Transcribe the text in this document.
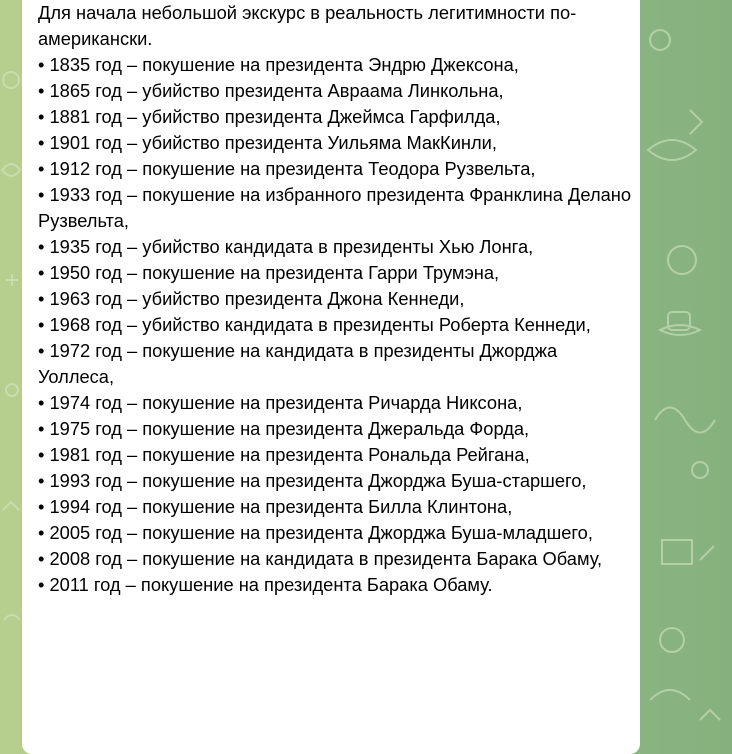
Для начала небольшой экскурс в реальность легитимности по-американски.

• 1835 год – покушение на президента Эндрю Джексона,
• 1865 год – убийство президента Авраама Линкольна,
• 1881 год – убийство президента Джеймса Гарфилда,
• 1901 год – убийство президента Уильяма МакКинли,
• 1912 год – покушение на президента Теодора Рузвельта,
• 1933 год – покушение на избранного президента Франклина Делано Рузвельта,
• 1935 год – убийство кандидата в президенты Хью Лонга,
• 1950 год – покушение на президента Гарри Трумэна,
• 1963 год – убийство президента Джона Кеннеди,
• 1968 год – убийство кандидата в президенты Роберта Кеннеди,
• 1972 год – покушение на кандидата в президенты Джорджа Уоллеса,
• 1974 год – покушение на президента Ричарда Никсона,
• 1975 год – покушение на президента Джеральда Форда,
• 1981 год – покушение на президента Рональда Рейгана,
• 1993 год – покушение на президента Джорджа Буша-старшего,
• 1994 год – покушение на президента Билла Клинтона,
• 2005 год – покушение на президента Джорджа Буша-младшего,
• 2008 год – покушение на кандидата в президента Барака Обаму,
• 2011 год – покушение на президента Барака Обаму.
